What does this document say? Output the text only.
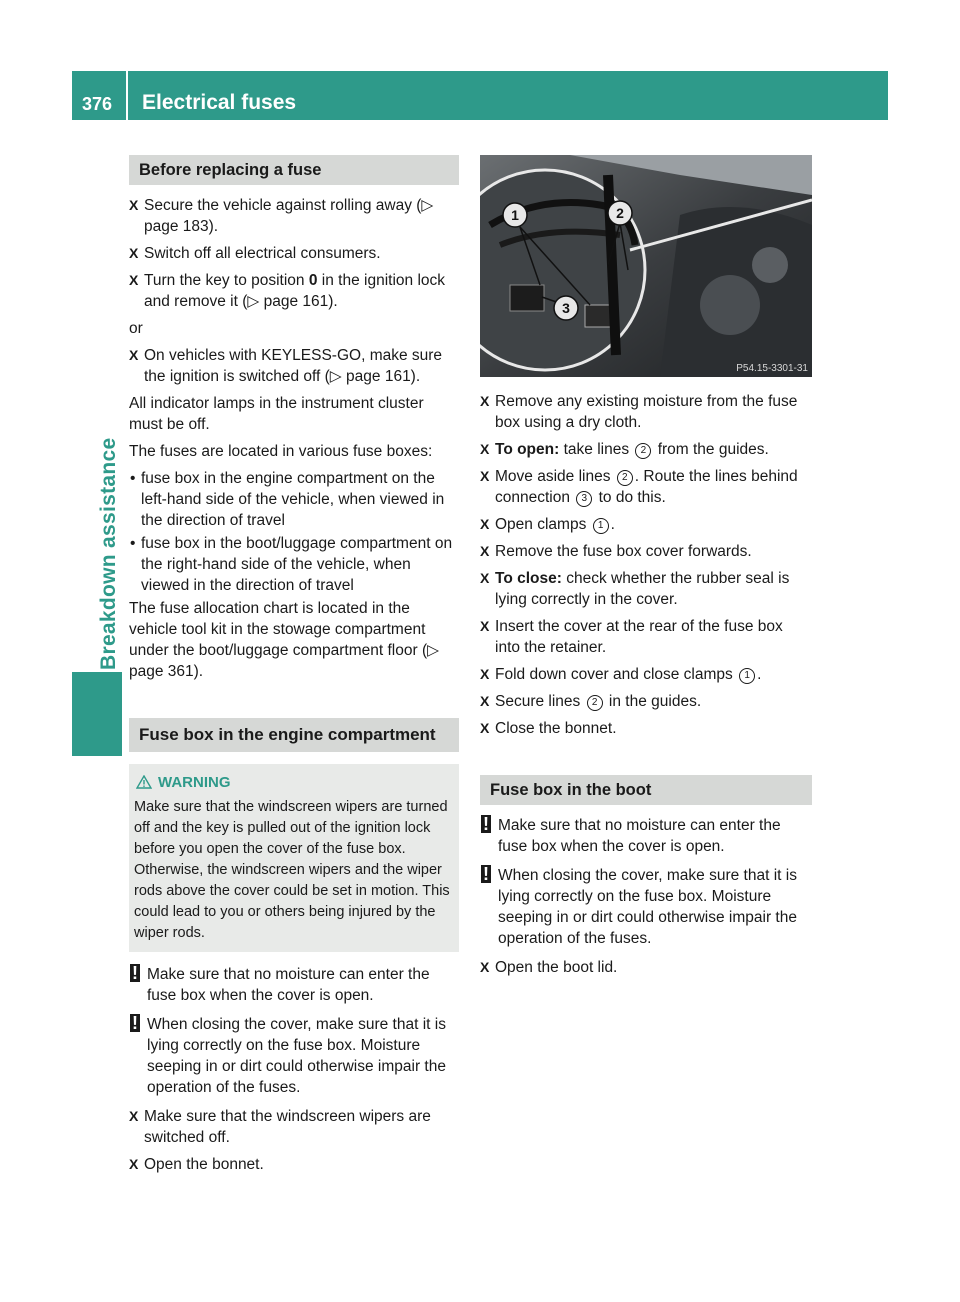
376 Electrical fuses
Breakdown assistance
Before replacing a fuse
X Secure the vehicle against rolling away (▷ page 183).
X Switch off all electrical consumers.
X Turn the key to position 0 in the ignition lock and remove it (▷ page 161).

or

X On vehicles with KEYLESS-GO, make sure the ignition is switched off (▷ page 161).

All indicator lamps in the instrument cluster must be off.

The fuses are located in various fuse boxes:

• fuse box in the engine compartment on the left-hand side of the vehicle, when viewed in the direction of travel
• fuse box in the boot/luggage compartment on the right-hand side of the vehicle, when viewed in the direction of travel

The fuse allocation chart is located in the vehicle tool kit in the stowage compartment under the boot/luggage compartment floor (▷ page 361).

Fuse box in the engine compartment
WARNING
Make sure that the windscreen wipers are turned off and the key is pulled out of the ignition lock before you open the cover of the fuse box. Otherwise, the windscreen wipers and the wiper rods above the cover could be set in motion. This could lead to you or others being injured by the wiper rods.
! Make sure that no moisture can enter the fuse box when the cover is open.
! When closing the cover, make sure that it is lying correctly on the fuse box. Moisture seeping in or dirt could otherwise impair the operation of the fuses.
X Make sure that the windscreen wipers are switched off.
X Open the bonnet.
1	2
3
P54.15-3301-31
X Remove any existing moisture from the fuse box using a dry cloth.
X To open: take lines 2 from the guides.
X Move aside lines 2 . Route the lines behind connection 3 to do this.
X Open clamps 1 .
X Remove the fuse box cover forwards.
X To close: check whether the rubber seal is lying correctly in the cover.
X Insert the cover at the rear of the fuse box into the retainer.
X Fold down cover and close clamps 1 .
X Secure lines 2 in the guides.
X Close the bonnet.
Fuse box in the boot
! Make sure that no moisture can enter the fuse box when the cover is open.
! When closing the cover, make sure that it is lying correctly on the fuse box. Moisture seeping in or dirt could otherwise impair the operation of the fuses.
X Open the boot lid.
